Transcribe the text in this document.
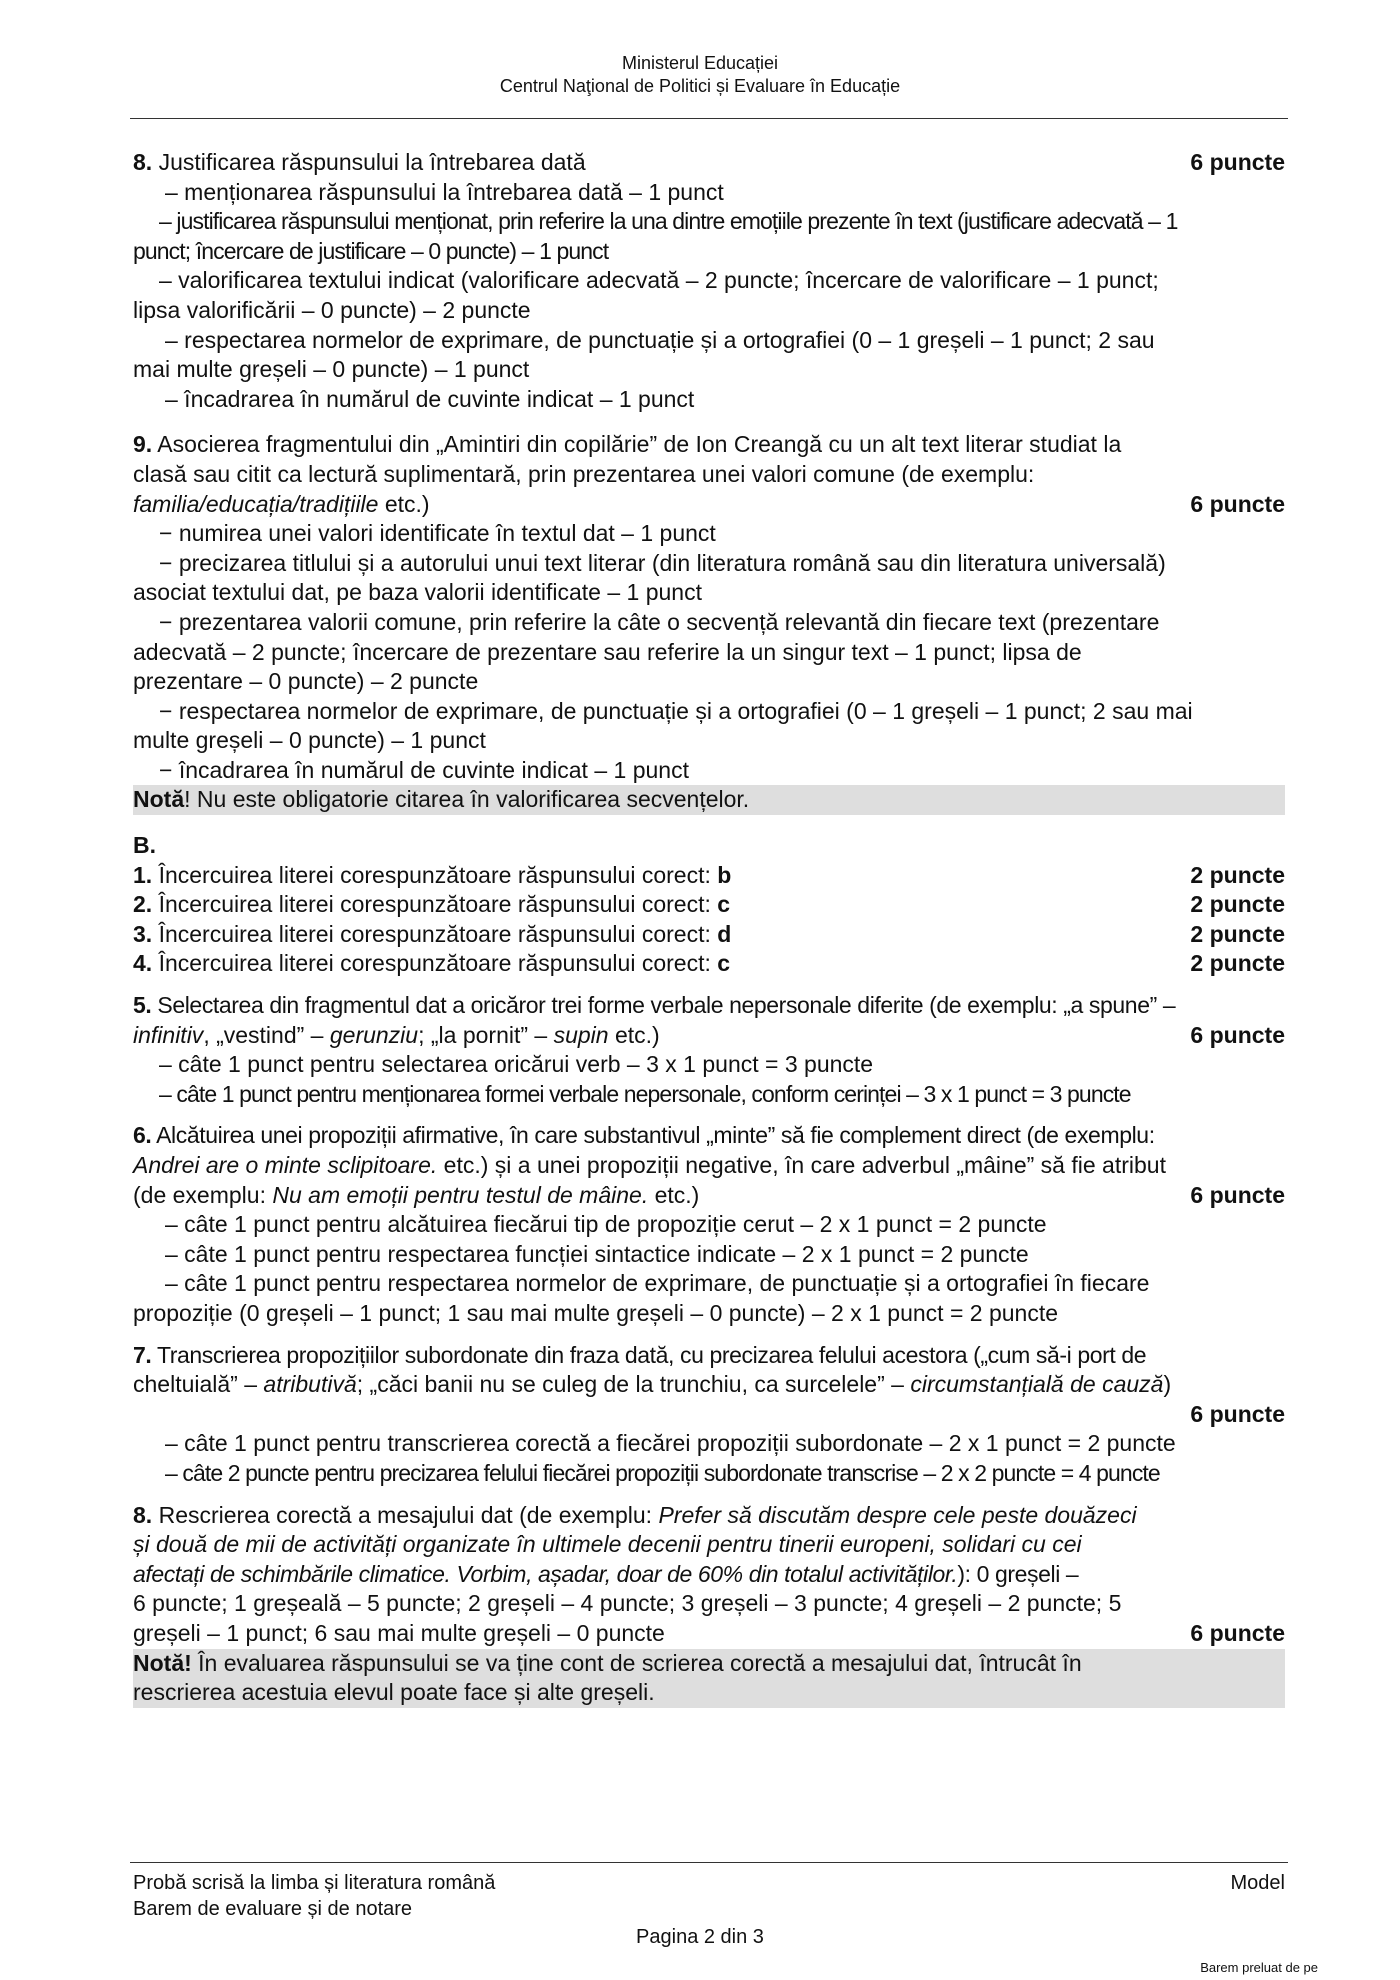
Ministerul Educației
Centrul Naţional de Politici și Evaluare în Educație
8. Justificarea răspunsului la întrebarea dată	6 puncte
– menționarea răspunsului la întrebarea dată – 1 punct
– justificarea răspunsului menționat, prin referire la una dintre emoțiile prezente în text (justificare adecvată – 1
punct; încercare de justificare – 0 puncte) – 1 punct
– valorificarea textului indicat (valorificare adecvată – 2 puncte; încercare de valorificare – 1 punct;
lipsa valorificării – 0 puncte) – 2 puncte
– respectarea normelor de exprimare, de punctuație și a ortografiei (0 – 1 greșeli – 1 punct; 2 sau
mai multe greșeli – 0 puncte) – 1 punct
– încadrarea în numărul de cuvinte indicat – 1 punct
9. Asocierea fragmentului din „Amintiri din copilărie” de Ion Creangă cu un alt text literar studiat la
clasă sau citit ca lectură suplimentară, prin prezentarea unei valori comune (de exemplu:
familia/educația/tradițiile etc.)	6 puncte
− numirea unei valori identificate în textul dat – 1 punct
− precizarea titlului și a autorului unui text literar (din literatura română sau din literatura universală)
asociat textului dat, pe baza valorii identificate – 1 punct
− prezentarea valorii comune, prin referire la câte o secvență relevantă din fiecare text (prezentare
adecvată – 2 puncte; încercare de prezentare sau referire la un singur text – 1 punct; lipsa de
prezentare – 0 puncte) – 2 puncte
− respectarea normelor de exprimare, de punctuație și a ortografiei (0 – 1 greșeli – 1 punct; 2 sau mai
multe greșeli – 0 puncte) – 1 punct
− încadrarea în numărul de cuvinte indicat – 1 punct
Notă! Nu este obligatorie citarea în valorificarea secvențelor.
B.
1. Încercuirea literei corespunzătoare răspunsului corect: b	2 puncte
2. Încercuirea literei corespunzătoare răspunsului corect: c	2 puncte
3. Încercuirea literei corespunzătoare răspunsului corect: d	2 puncte
4. Încercuirea literei corespunzătoare răspunsului corect: c	2 puncte
5. Selectarea din fragmentul dat a oricăror trei forme verbale nepersonale diferite (de exemplu: „a spune” –
infinitiv, „vestind” – gerunziu; „la pornit” – supin etc.)	6 puncte
– câte 1 punct pentru selectarea oricărui verb – 3 x 1 punct = 3 puncte
– câte 1 punct pentru menționarea formei verbale nepersonale, conform cerinței – 3 x 1 punct = 3 puncte
6. Alcătuirea unei propoziții afirmative, în care substantivul „minte” să fie complement direct (de exemplu:
Andrei are o minte sclipitoare. etc.) și a unei propoziții negative, în care adverbul „mâine” să fie atribut
(de exemplu: Nu am emoții pentru testul de mâine. etc.)	6 puncte
– câte 1 punct pentru alcătuirea fiecărui tip de propoziție cerut – 2 x 1 punct = 2 puncte
– câte 1 punct pentru respectarea funcției sintactice indicate – 2 x 1 punct = 2 puncte
– câte 1 punct pentru respectarea normelor de exprimare, de punctuație și a ortografiei în fiecare
propoziție (0 greșeli – 1 punct; 1 sau mai multe greșeli – 0 puncte) – 2 x 1 punct = 2 puncte
7. Transcrierea propozițiilor subordonate din fraza dată, cu precizarea felului acestora („cum să-i port de
cheltuială” – atributivă; „căci banii nu se culeg de la trunchiu, ca surcelele” – circumstanțială de cauză)
6 puncte
– câte 1 punct pentru transcrierea corectă a fiecărei propoziții subordonate – 2 x 1 punct = 2 puncte
– câte 2 puncte pentru precizarea felului fiecărei propoziții subordonate transcrise – 2 x 2 puncte = 4 puncte
8. Rescrierea corectă a mesajului dat (de exemplu: Prefer să discutăm despre cele peste douăzeci
și două de mii de activități organizate în ultimele decenii pentru tinerii europeni, solidari cu cei
afectați de schimbările climatice. Vorbim, așadar, doar de 60% din totalul activităților.): 0 greșeli –
6 puncte; 1 greșeală – 5 puncte; 2 greșeli – 4 puncte; 3 greșeli – 3 puncte; 4 greșeli – 2 puncte; 5
greșeli – 1 punct; 6 sau mai multe greșeli – 0 puncte	6 puncte
Notă! În evaluarea răspunsului se va ține cont de scrierea corectă a mesajului dat, întrucât în
rescrierea acestuia elevul poate face și alte greșeli.
Probă scrisă la limba și literatura română
Barem de evaluare și de notare
Model
Pagina 2 din 3
Barem preluat de pe
